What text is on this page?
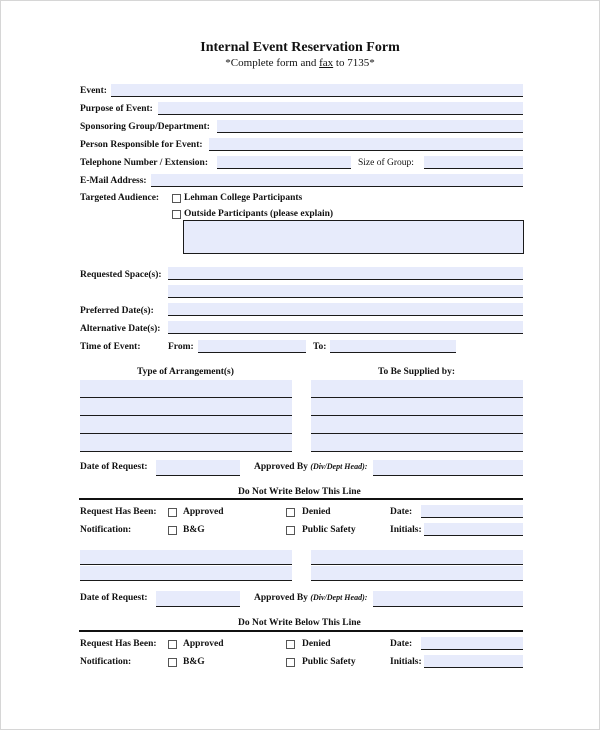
Internal Event Reservation Form
*Complete form and fax to 7135*
Event:
Purpose of Event:
Sponsoring Group/Department:
Person Responsible for Event:
Telephone Number / Extension:	Size of Group:
E-Mail Address:
Targeted Audience:	Lehman College Participants
Outside Participants (please explain)
Requested Space(s):
Preferred Date(s):
Alternative Date(s):
Time of Event:	From:	To:
Type of Arrangement(s)	To Be Supplied by:
Date of Request:	Approved By (Div/Dept Head):
Do Not Write Below This Line
Request Has Been:	Approved	Denied	Date:
Notification:	B&G	Public Safety	Initials:
Date of Request:	Approved By (Div/Dept Head):
Do Not Write Below This Line
Request Has Been:	Approved	Denied	Date:
Notification:	B&G	Public Safety	Initials:
